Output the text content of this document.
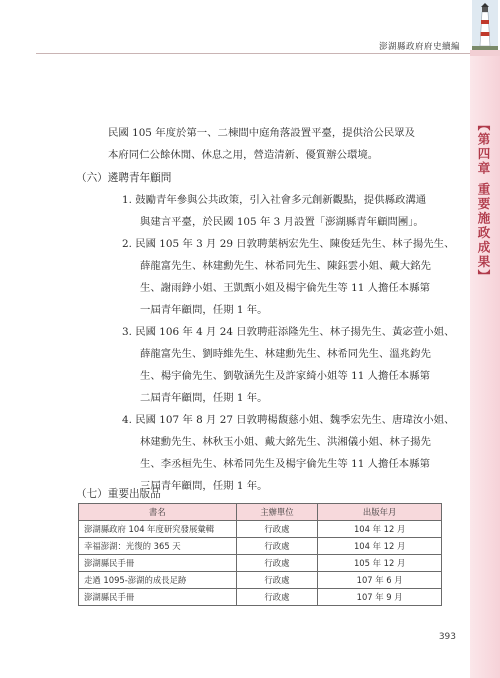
澎湖縣政府府史續編
【第四章 重要施政成果】
民國 105 年度於第一、二棟間中庭角落設置平臺，提供洽公民眾及
本府同仁公餘休閒、休息之用，營造清新、優質辦公環境。
（六）遴聘青年顧問
1. 鼓勵青年參與公共政策，引入社會多元創新觀點，提供縣政溝通
與建言平臺，於民國 105 年 3 月設置「澎湖縣青年顧問團」。
2. 民國 105 年 3 月 29 日敦聘葉柄宏先生、陳俊廷先生、林子揚先生、
薛龍富先生、林建勳先生、林希同先生、陳鈺雲小姐、戴大銘先
生、謝雨錚小姐、王凱甄小姐及楊宇倫先生等 11 人擔任本縣第
一屆青年顧問，任期 1 年。
3. 民國 106 年 4 月 24 日敦聘莊添隆先生、林子揚先生、黃宓萱小姐、
薛龍富先生、劉時維先生、林建勳先生、林希同先生、溫兆鈞先
生、楊宇倫先生、劉敬涵先生及許家綺小姐等 11 人擔任本縣第
二屆青年顧問，任期 1 年。
4. 民國 107 年 8 月 27 日敦聘楊馥慈小姐、魏季宏先生、唐瑋汝小姐、
林建勳先生、林秋玉小姐、戴大銘先生、洪湘儀小姐、林子揚先
生、李丞桓先生、林希同先生及楊宇倫先生等 11 人擔任本縣第
三屆青年顧問，任期 1 年。
（七）重要出版品
書名	主辦單位	出版年月
澎湖縣政府 104 年度研究發展彙輯	行政處	104 年 12 月
幸福澎湖：光復的 365 天	行政處	104 年 12 月
澎湖縣民手冊	行政處	105 年 12 月
走過 1095-澎湖的成長足跡	行政處	107 年 6 月
澎湖縣民手冊	行政處	107 年 9 月
393
